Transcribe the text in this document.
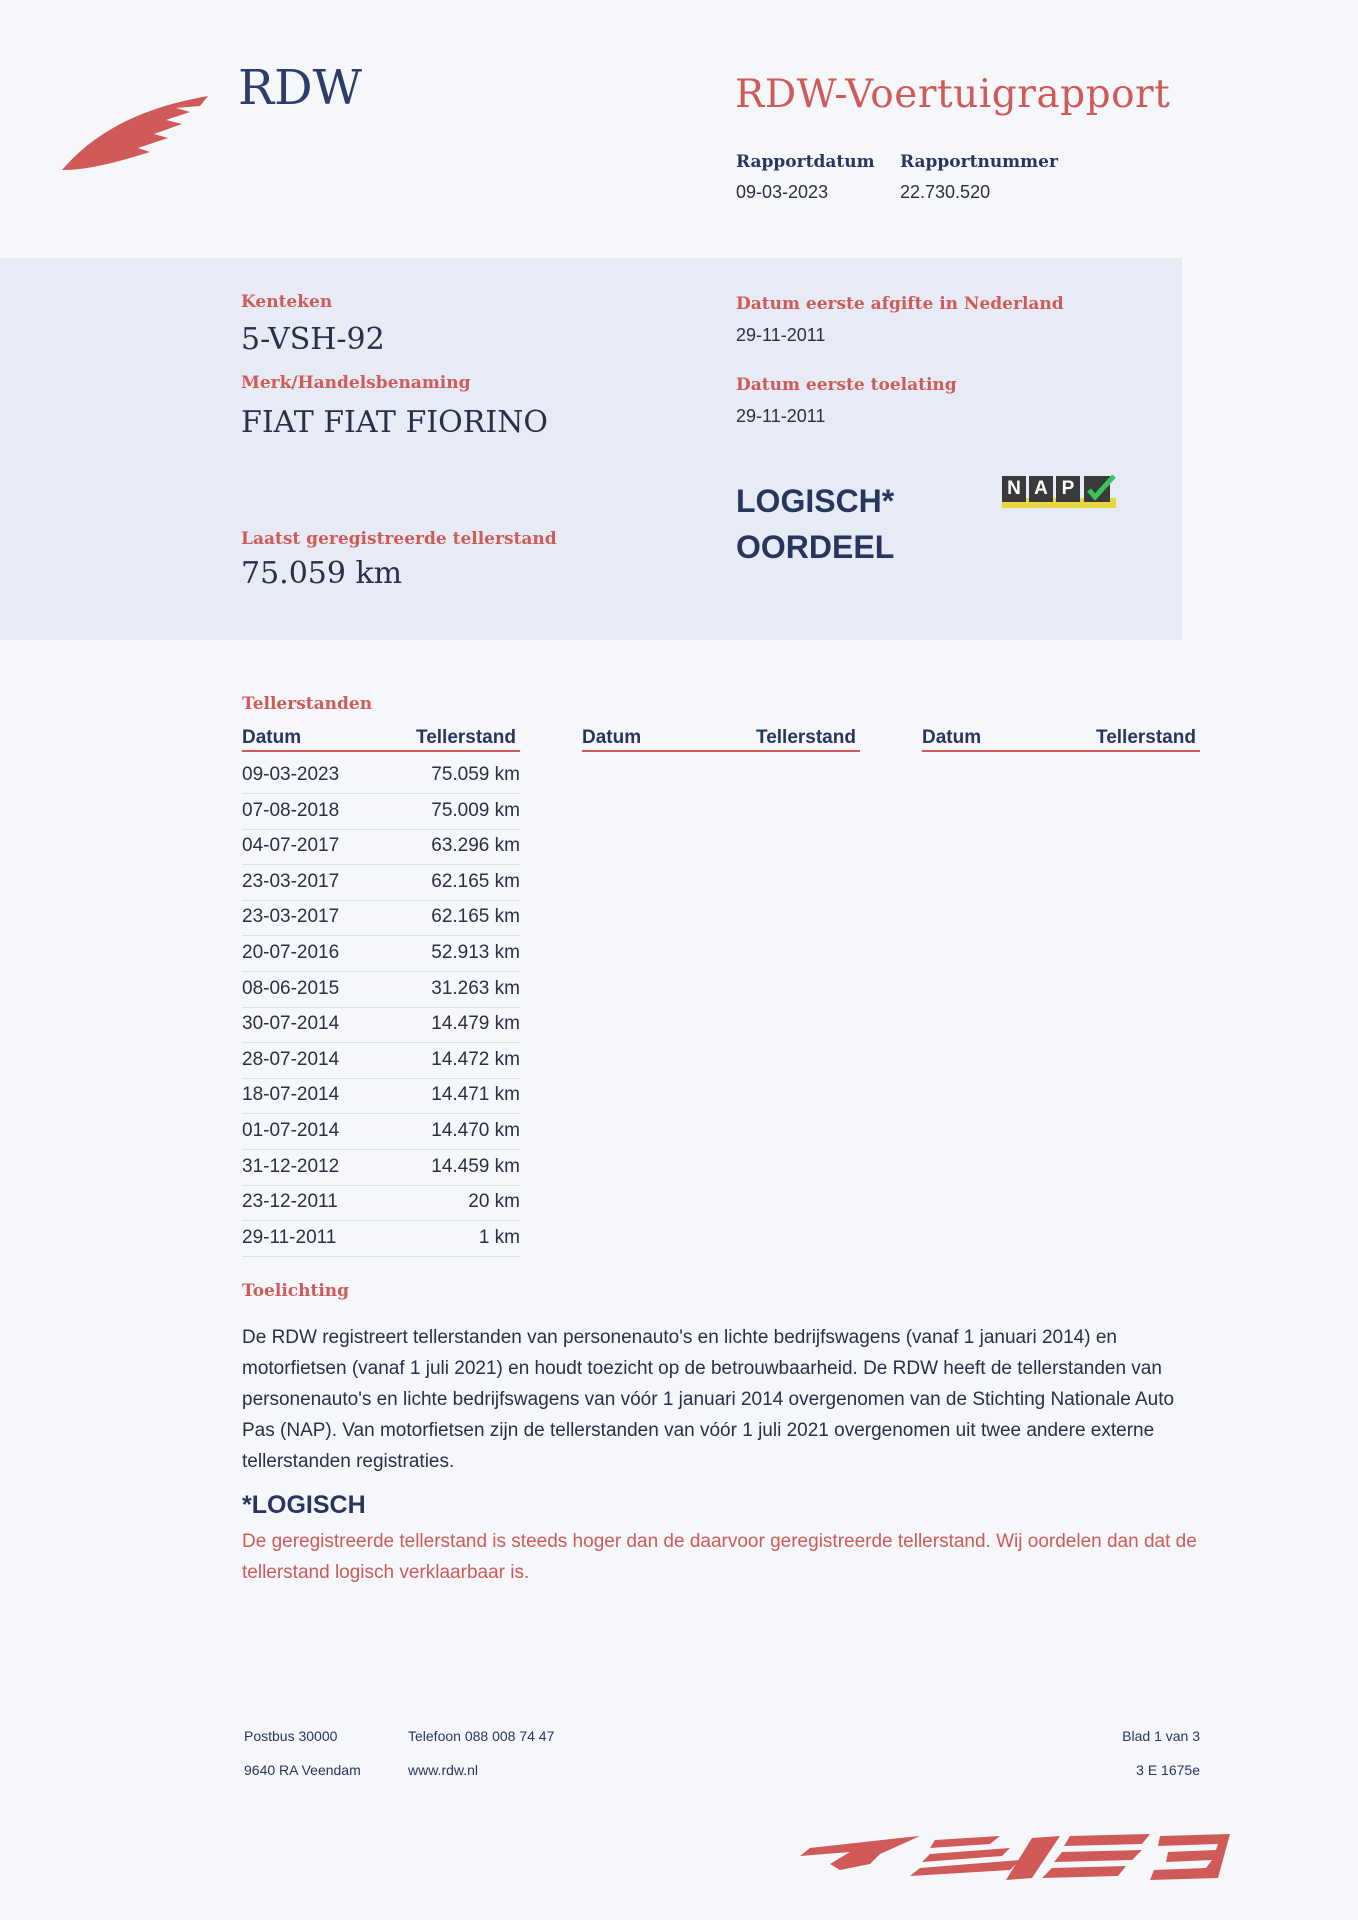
RDW	RDW-Voertuigrapport
Rapportdatum
09-03-2023
Rapportnummer
22.730.520
Kenteken
5-VSH-92
Merk/Handelsbenaming
FIAT FIAT FIORINO
Datum eerste afgifte in Nederland
29-11-2011
Datum eerste toelating
29-11-2011
Laatst geregistreerde tellerstand
75.059 km
LOGISCH*
OORDEEL
N A P
Tellerstanden
Datum	Tellerstand	Datum	Tellerstand	Datum	Tellerstand
09-03-2023	75.059 km
07-08-2018	75.009 km
04-07-2017	63.296 km
23-03-2017	62.165 km
23-03-2017	62.165 km
20-07-2016	52.913 km
08-06-2015	31.263 km
30-07-2014	14.479 km
28-07-2014	14.472 km
18-07-2014	14.471 km
01-07-2014	14.470 km
31-12-2012	14.459 km
23-12-2011	20 km
29-11-2011	1 km
Toelichting
De RDW registreert tellerstanden van personenauto's en lichte bedrijfswagens (vanaf 1 januari 2014) en motorfietsen (vanaf 1 juli 2021) en houdt toezicht op de betrouwbaarheid. De RDW heeft de tellerstanden van personenauto's en lichte bedrijfswagens van vóór 1 januari 2014 overgenomen van de Stichting Nationale Auto Pas (NAP). Van motorfietsen zijn de tellerstanden van vóór 1 juli 2021 overgenomen uit twee andere externe tellerstanden registraties.
*LOGISCH
De geregistreerde tellerstand is steeds hoger dan de daarvoor geregistreerde tellerstand. Wij oordelen dan dat de tellerstand logisch verklaarbaar is.
Postbus 30000
9640 RA Veendam
Telefoon 088 008 74 47
www.rdw.nl
Blad 1 van 3
3 E 1675e
